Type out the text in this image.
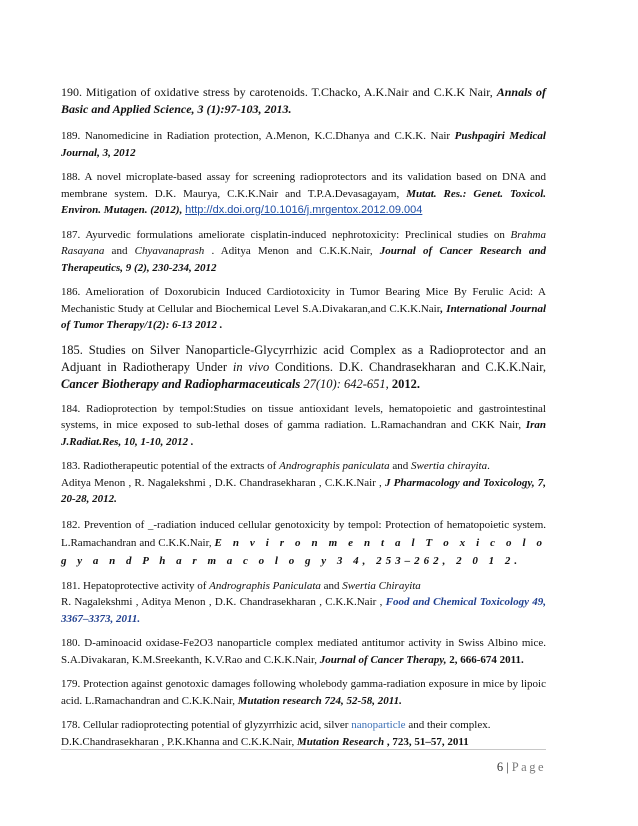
190. Mitigation of oxidative stress by carotenoids. T.Chacko, A.K.Nair and C.K.K Nair, Annals of Basic and Applied Science, 3 (1):97-103, 2013.

189. Nanomedicine in Radiation protection, A.Menon, K.C.Dhanya and C.K.K. Nair Pushpagiri Medical Journal, 3, 2012

188. A novel microplate-based assay for screening radioprotectors and its validation based on DNA and membrane system. D.K. Maurya, C.K.K.Nair and T.P.A.Devasagayam, Mutat. Res.: Genet. Toxicol. Environ. Mutagen. (2012), http://dx.doi.org/10.1016/j.mrgentox.2012.09.004

187. Ayurvedic formulations ameliorate cisplatin-induced nephrotoxicity: Preclinical studies on Brahma Rasayana and Chyavanaprash . Aditya Menon and C.K.K.Nair, Journal of Cancer Research and Therapeutics, 9 (2), 230-234, 2012

186. Amelioration of Doxorubicin Induced Cardiotoxicity in Tumor Bearing Mice By Ferulic Acid: A Mechanistic Study at Cellular and Biochemical Level S.A.Divakaran,and C.K.K.Nair, International Journal of Tumor Therapy/1(2): 6-13 2012 .

185. Studies on Silver Nanoparticle-Glycyrrhizic acid Complex as a Radioprotector and an Adjuant in Radiotherapy Under in vivo Conditions. D.K. Chandrasekharan and C.K.K.Nair, Cancer Biotherapy and Radiopharmaceuticals 27(10): 642-651, 2012.

184. Radioprotection by tempol:Studies on tissue antioxidant levels, hematopoietic and gastrointestinal systems, in mice exposed to sub-lethal doses of gamma radiation. L.Ramachandran and CKK Nair, Iran J.Radiat.Res, 10, 1-10, 2012 .

183. Radiotherapeutic potential of the extracts of Andrographis paniculata and Swertia chirayita.
Aditya Menon , R. Nagalekshmi , D.K. Chandrasekharan , C.K.K.Nair , J Pharmacology and Toxicology, 7, 20-28, 2012.

182. Prevention of _-radiation induced cellular genotoxicity by tempol: Protection of hematopoietic system. L.Ramachandran and C.K.K.Nair, E n v i r o n m e n t a l T o x i c o l o g y a n d P h a r m a c o l o g y 3 4, 253–262, 2 0 1 2.

181. Hepatoprotective activity of Andrographis Paniculata and Swertia Chirayita
R. Nagalekshmi , Aditya Menon , D.K. Chandrasekharan , C.K.K.Nair , Food and Chemical Toxicology 49, 3367–3373, 2011.

180. D-aminoacid oxidase-Fe2O3 nanoparticle complex mediated antitumor activity in Swiss Albino mice. S.A.Divakaran, K.M.Sreekanth, K.V.Rao and C.K.K.Nair, Journal of Cancer Therapy, 2, 666-674 2011.

179. Protection against genotoxic damages following wholebody gamma-radiation exposure in mice by lipoic acid. L.Ramachandran and C.K.K.Nair, Mutation research 724, 52-58, 2011.

178. Cellular radioprotecting potential of glyzyrrhizic acid, silver nanoparticle and their complex.
D.K.Chandrasekharan , P.K.Khanna and C.K.K.Nair, Mutation Research , 723, 51–57, 2011

6 | Page
